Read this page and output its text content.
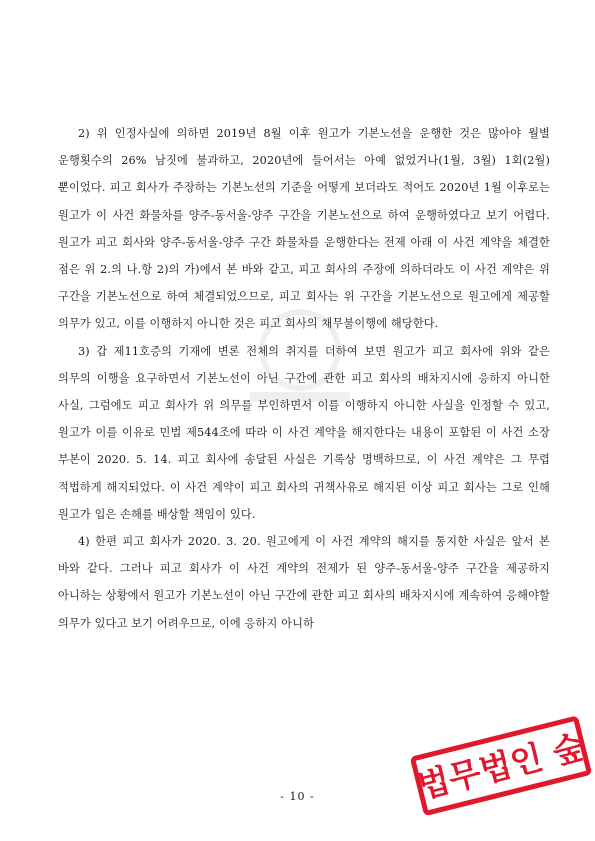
2) 위 인정사실에 의하면 2019년 8월 이후 원고가 기본노선을 운행한 것은 많아야 월별 운행횟수의 26% 남짓에 불과하고, 2020년에 들어서는 아예 없었거나(1월, 3월) 1회(2월) 뿐이었다. 피고 회사가 주장하는 기본노선의 기준을 어떻게 보더라도 적어도 2020년 1월 이후로는 원고가 이 사건 화물차를 양주-동서울-양주 구간을 기본노선으로 하여 운행하였다고 보기 어렵다. 원고가 피고 회사와 양주-동서울-양주 구간 화물차를 운행한다는 전제 아래 이 사건 계약을 체결한 점은 위 2.의 나.항 2)의 가)에서 본 바와 같고, 피고 회사의 주장에 의하더라도 이 사건 계약은 위 구간을 기본노선으로 하여 체결되었으므로, 피고 회사는 위 구간을 기본노선으로 원고에게 제공할 의무가 있고, 이를 이행하지 아니한 것은 피고 회사의 채무불이행에 해당한다.

3) 갑 제11호증의 기재에 변론 전체의 취지를 더하여 보면 원고가 피고 회사에 위와 같은 의무의 이행을 요구하면서 기본노선이 아닌 구간에 관한 피고 회사의 배차지시에 응하지 아니한 사실, 그럼에도 피고 회사가 위 의무를 부인하면서 이를 이행하지 아니한 사실을 인정할 수 있고, 원고가 이를 이유로 민법 제544조에 따라 이 사건 계약을 해지한다는 내용이 포함된 이 사건 소장 부본이 2020. 5. 14. 피고 회사에 송달된 사실은 기록상 명백하므로, 이 사건 계약은 그 무렵 적법하게 해지되었다. 이 사건 계약이 피고 회사의 귀책사유로 해지된 이상 피고 회사는 그로 인해 원고가 입은 손해를 배상할 책임이 있다.

4) 한편 피고 회사가 2020. 3. 20. 원고에게 이 사건 계약의 해지를 통지한 사실은 앞서 본 바와 같다. 그러나 피고 회사가 이 사건 계약의 전제가 된 양주-동서울-양주 구간을 제공하지 아니하는 상황에서 원고가 기본노선이 아닌 구간에 관한 피고 회사의 배차지시에 계속하여 응해야할 의무가 있다고 보기 어려우므로, 이에 응하지 아니하

- 10 -	법무법인 숲
